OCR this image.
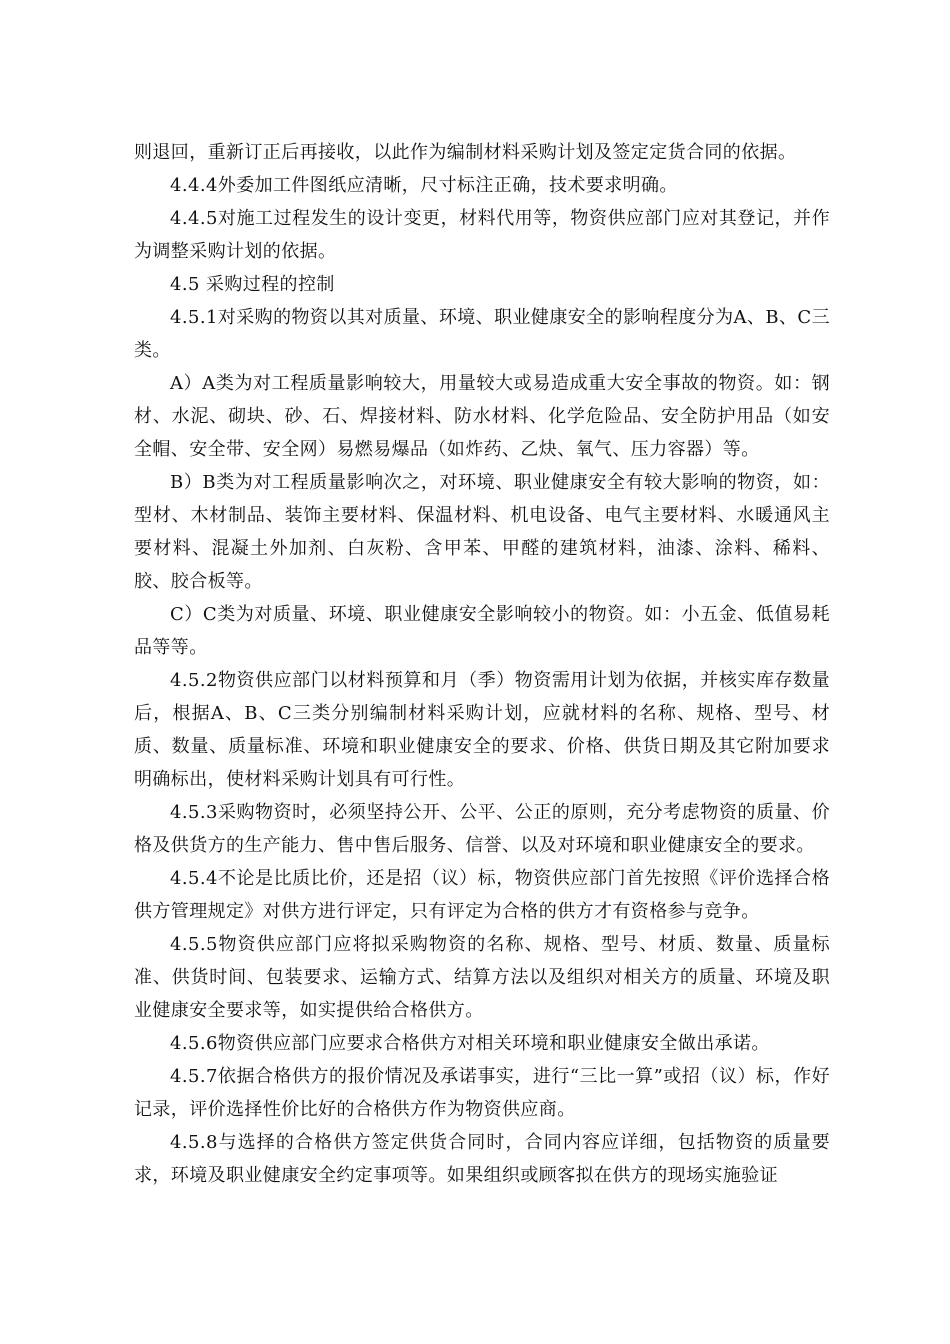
则退回，重新订正后再接收，以此作为编制材料采购计划及签定定货合同的依据。

4.4.4外委加工件图纸应清晰，尺寸标注正确，技术要求明确。

4.4.5对施工过程发生的设计变更，材料代用等，物资供应部门应对其登记，并作为调整采购计划的依据。

4.5 采购过程的控制

4.5.1对采购的物资以其对质量、环境、职业健康安全的影响程度分为A、B、C三类。

A）A类为对工程质量影响较大，用量较大或易造成重大安全事故的物资。如：钢材、水泥、砌块、砂、石、焊接材料、防水材料、化学危险品、安全防护用品（如安全帽、安全带、安全网）易燃易爆品（如炸药、乙炔、氧气、压力容器）等。

B）B类为对工程质量影响次之，对环境、职业健康安全有较大影响的物资，如：型材、木材制品、装饰主要材料、保温材料、机电设备、电气主要材料、水暖通风主要材料、混凝土外加剂、白灰粉、含甲苯、甲醛的建筑材料，油漆、涂料、稀料、胶、胶合板等。

C）C类为对质量、环境、职业健康安全影响较小的物资。如：小五金、低值易耗品等等。

4.5.2物资供应部门以材料预算和月（季）物资需用计划为依据，并核实库存数量后，根据A、B、C三类分别编制材料采购计划，应就材料的名称、规格、型号、材质、数量、质量标准、环境和职业健康安全的要求、价格、供货日期及其它附加要求明确标出，使材料采购计划具有可行性。

4.5.3采购物资时，必须坚持公开、公平、公正的原则，充分考虑物资的质量、价格及供货方的生产能力、售中售后服务、信誉、以及对环境和职业健康安全的要求。

4.5.4不论是比质比价，还是招（议）标，物资供应部门首先按照《评价选择合格供方管理规定》对供方进行评定，只有评定为合格的供方才有资格参与竞争。

4.5.5物资供应部门应将拟采购物资的名称、规格、型号、材质、数量、质量标准、供货时间、包装要求、运输方式、结算方法以及组织对相关方的质量、环境及职业健康安全要求等，如实提供给合格供方。

4.5.6物资供应部门应要求合格供方对相关环境和职业健康安全做出承诺。

4.5.7依据合格供方的报价情况及承诺事实，进行“三比一算”或招（议）标，作好记录，评价选择性价比好的合格供方作为物资供应商。

4.5.8与选择的合格供方签定供货合同时，合同内容应详细，包括物资的质量要求，环境及职业健康安全约定事项等。如果组织或顾客拟在供方的现场实施验证
